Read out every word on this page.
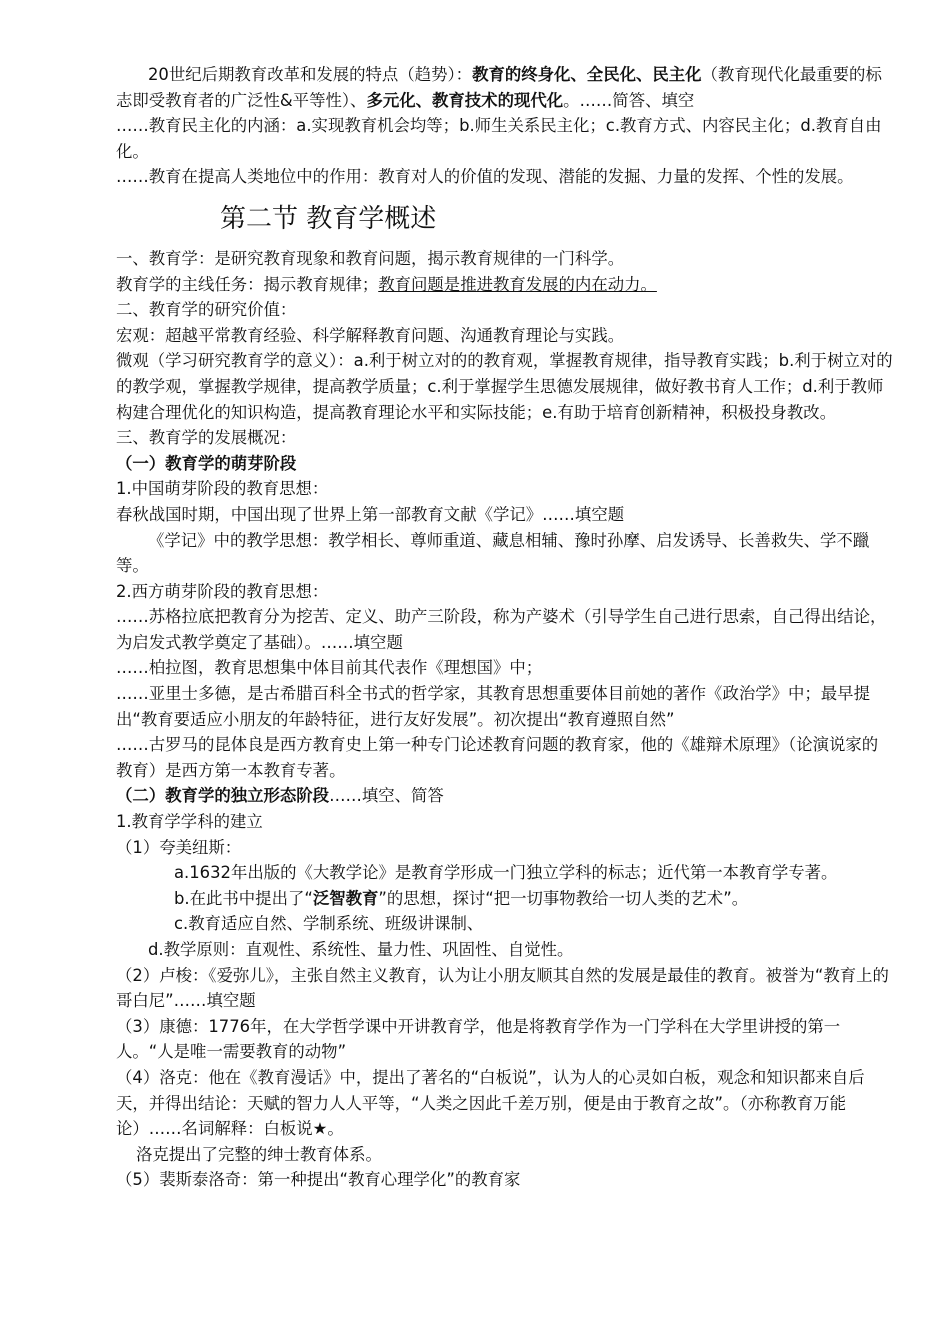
20世纪后期教育改革和发展的特点（趋势）：教育的终身化、全民化、民主化（教育现代化最重要的标志即受教育者的广泛性&平等性）、多元化、教育技术的现代化。……简答、填空

……教育民主化的内涵：a.实现教育机会均等；b.师生关系民主化；c.教育方式、内容民主化；d.教育自由化。

……教育在提高人类地位中的作用：教育对人的价值的发现、潜能的发掘、力量的发挥、个性的发展。

第二节 教育学概述

一、教育学：是研究教育现象和教育问题，揭示教育规律的一门科学。

教育学的主线任务：揭示教育规律；教育问题是推进教育发展的内在动力。

二、教育学的研究价值：

宏观：超越平常教育经验、科学解释教育问题、沟通教育理论与实践。

微观（学习研究教育学的意义）：a.利于树立对的的教育观，掌握教育规律，指导教育实践；b.利于树立对的的教学观，掌握教学规律，提高教学质量；c.利于掌握学生思德发展规律，做好教书育人工作；d.利于教师构建合理优化的知识构造，提高教育理论水平和实际技能；e.有助于培育创新精神，积极投身教改。

三、教育学的发展概况：

（一）教育学的萌芽阶段

1.中国萌芽阶段的教育思想：

春秋战国时期，中国出现了世界上第一部教育文献《学记》……填空题

《学记》中的教学思想：教学相长、尊师重道、藏息相辅、豫时孙摩、启发诱导、长善救失、学不躐等。

2.西方萌芽阶段的教育思想：

……苏格拉底把教育分为挖苦、定义、助产三阶段，称为产婆术（引导学生自己进行思索，自己得出结论，为启发式教学奠定了基础）。……填空题

……柏拉图，教育思想集中体目前其代表作《理想国》中；

……亚里士多德，是古希腊百科全书式的哲学家，其教育思想重要体目前她的著作《政治学》中；最早提出“教育要适应小朋友的年龄特征，进行友好发展”。初次提出“教育遵照自然”

……古罗马的昆体良是西方教育史上第一种专门论述教育问题的教育家，他的《雄辩术原理》（论演说家的教育）是西方第一本教育专著。

（二）教育学的独立形态阶段……填空、简答

1.教育学学科的建立

（1）夸美纽斯：

a.1632年出版的《大教学论》是教育学形成一门独立学科的标志；近代第一本教育学专著。

b.在此书中提出了“泛智教育”的思想，探讨“把一切事物教给一切人类的艺术”。

c.教育适应自然、学制系统、班级讲课制、

d.教学原则：直观性、系统性、量力性、巩固性、自觉性。

（2）卢梭：《爱弥儿》，主张自然主义教育，认为让小朋友顺其自然的发展是最佳的教育。被誉为“教育上的哥白尼”……填空题

（3）康德：1776年，在大学哲学课中开讲教育学，他是将教育学作为一门学科在大学里讲授的第一人。“人是唯一需要教育的动物”

（4）洛克：他在《教育漫话》中，提出了著名的“白板说”，认为人的心灵如白板，观念和知识都来自后天，并得出结论：天赋的智力人人平等，“人类之因此千差万别，便是由于教育之故”。（亦称教育万能论）……名词解释：白板说★。

洛克提出了完整的绅士教育体系。

（5）裴斯泰洛奇：第一种提出“教育心理学化”的教育家
